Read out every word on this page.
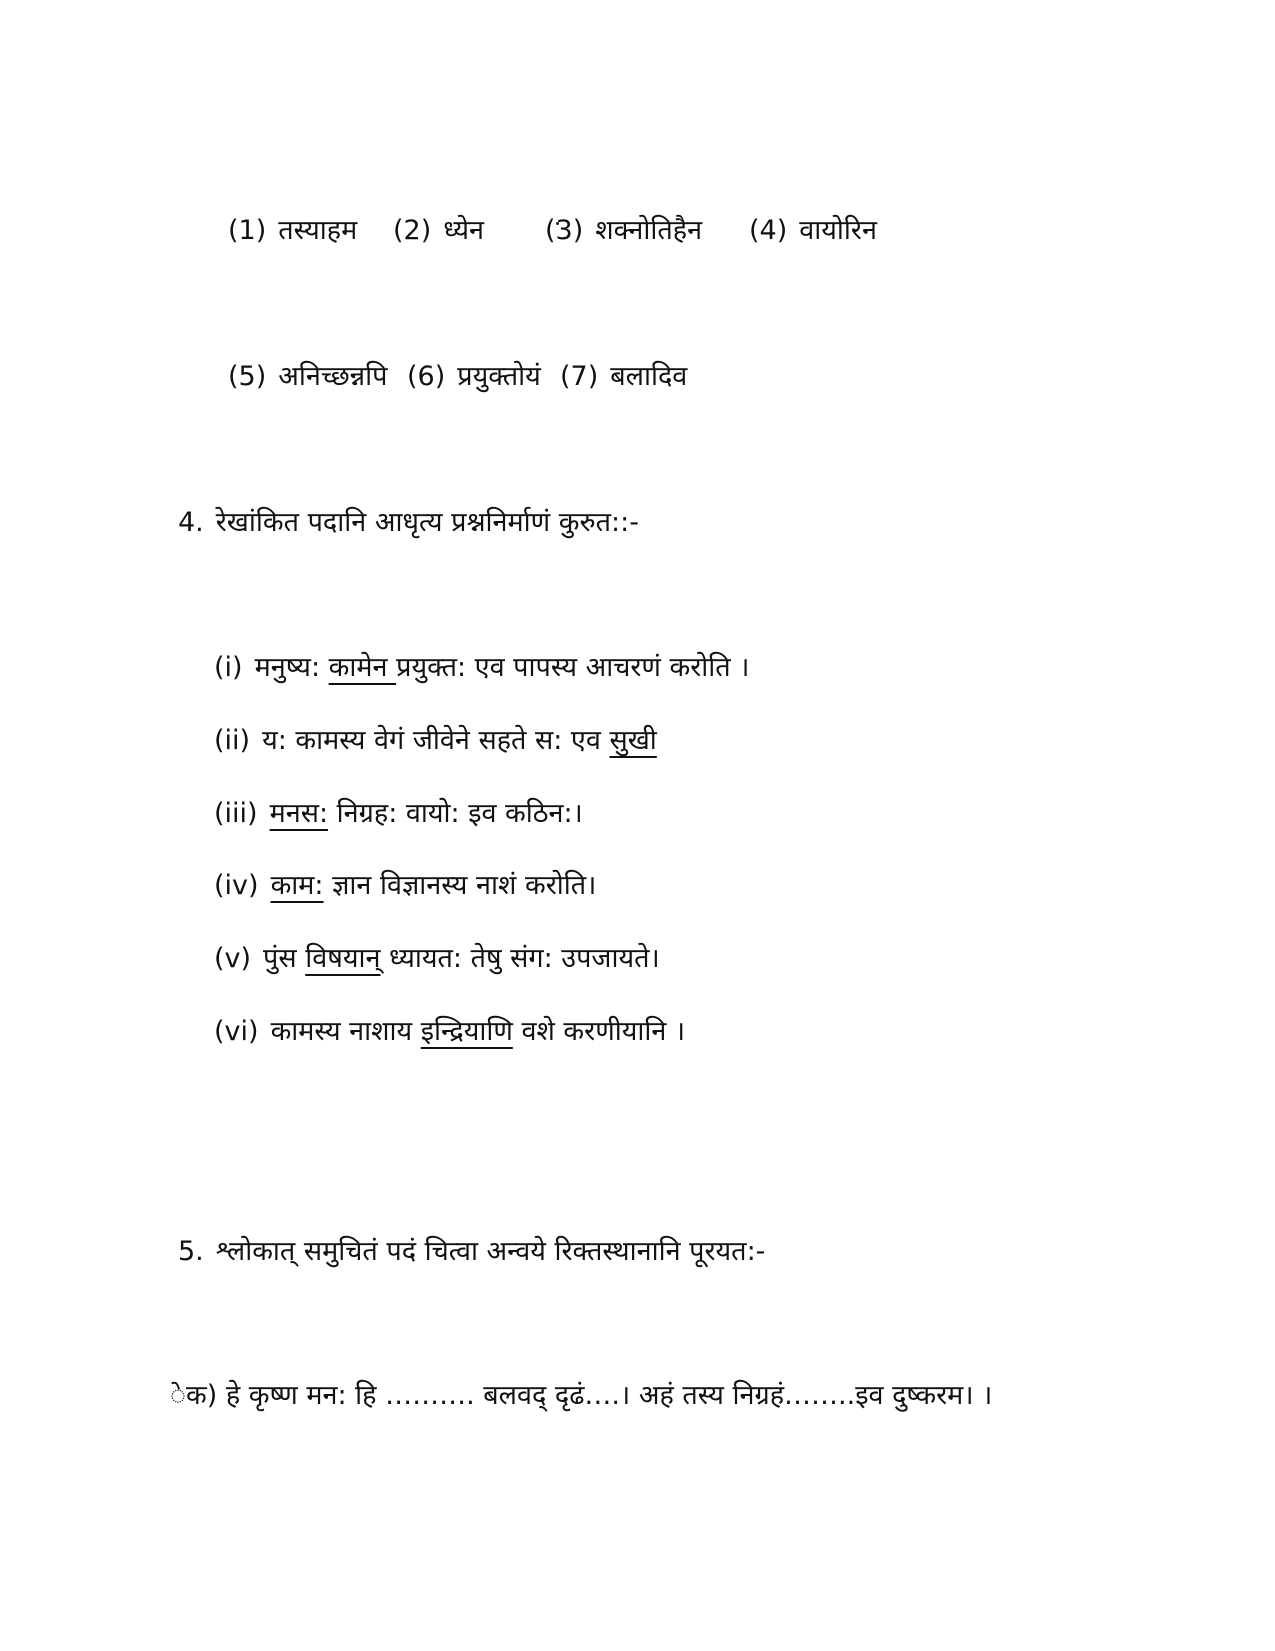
(1) तस्याहम (2) ध्येन (3) शक्नोतिहैन (4) वायोरिन
(5) अनिच्छन्नपि (6) प्रयुक्तोयं (7) बलादिव
4. रेखांकित पदानि आधृत्य प्रश्ननिर्माणं कुरुत::-
(i) मनुष्य: कामेन प्रयुक्त: एव पापस्य आचरणं करोति ।
(ii) य: कामस्य वेगं जीवेने सहते स: एव सुखी
(iii) मनस: निग्रह: वायो: इव कठिन:।
(iv) काम: ज्ञान विज्ञानस्य नाशं करोति।
(v) पुंस विषयान् ध्यायत: तेषु संग: उपजायते।
(vi) कामस्य नाशाय इन्द्रियाणि वशे करणीयानि ।
5. श्लोकात् समुचितं पदं चित्वा अन्वये रिक्तस्थानानि पूरयत:-
ेक) हे कृष्ण मन: हि ………. बलवद् दृढं….। अहं तस्य निग्रहं……..इव दुष्करम। ।
